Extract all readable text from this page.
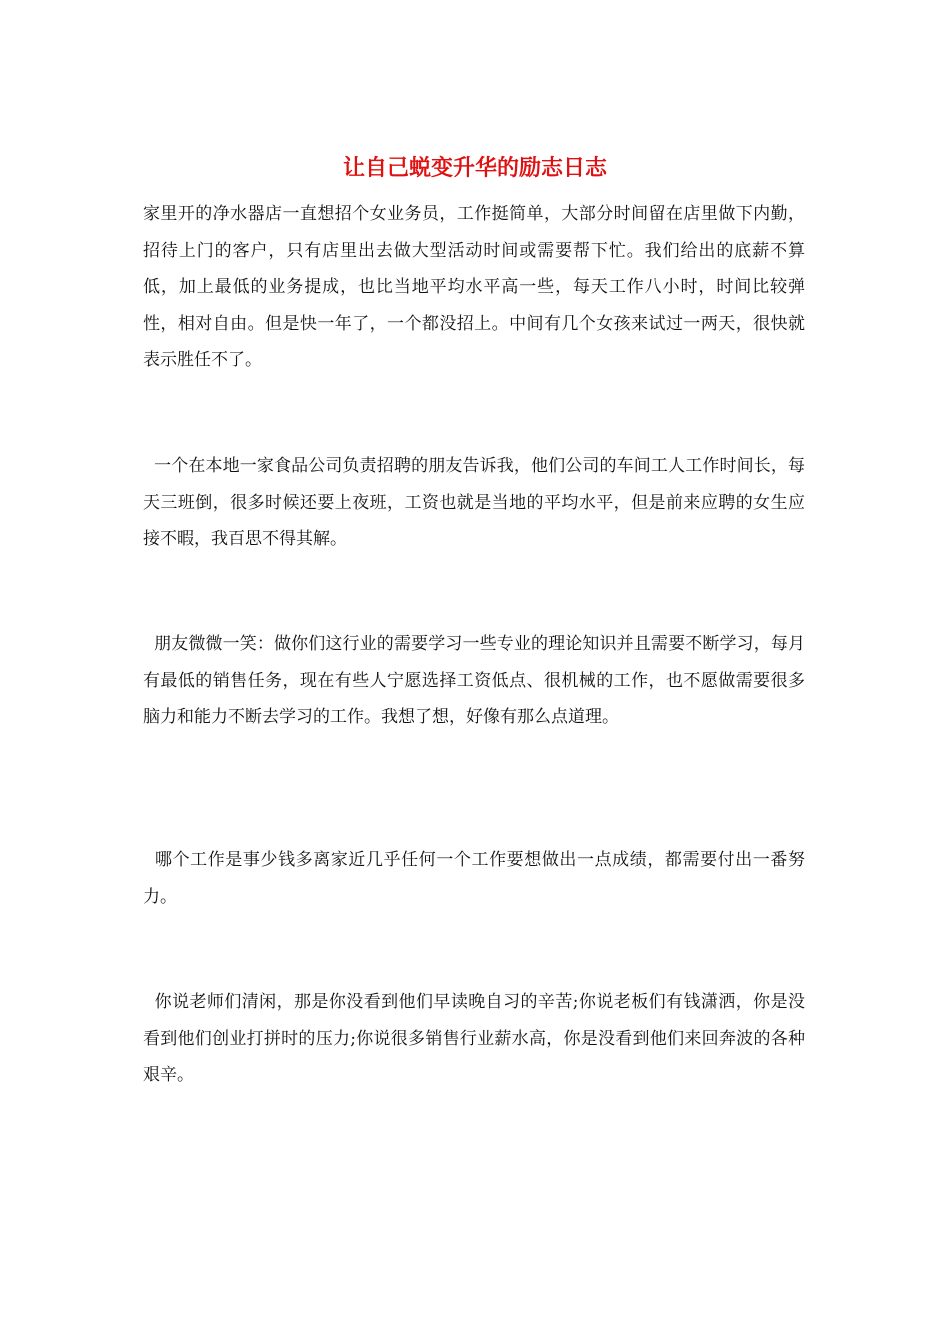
让自己蜕变升华的励志日志

家里开的净水器店一直想招个女业务员，工作挺简单，大部分时间留在店里做下内勤，招待上门的客户，只有店里出去做大型活动时间或需要帮下忙。我们给出的底薪不算低，加上最低的业务提成，也比当地平均水平高一些，每天工作八小时，时间比较弹性，相对自由。但是快一年了，一个都没招上。中间有几个女孩来试过一两天，很快就表示胜任不了。

一个在本地一家食品公司负责招聘的朋友告诉我，他们公司的车间工人工作时间长，每天三班倒，很多时候还要上夜班，工资也就是当地的平均水平，但是前来应聘的女生应接不暇，我百思不得其解。

朋友微微一笑：做你们这行业的需要学习一些专业的理论知识并且需要不断学习，每月有最低的销售任务，现在有些人宁愿选择工资低点、很机械的工作，也不愿做需要很多脑力和能力不断去学习的工作。我想了想，好像有那么点道理。

哪个工作是事少钱多离家近几乎任何一个工作要想做出一点成绩，都需要付出一番努力。

你说老师们清闲，那是你没看到他们早读晚自习的辛苦;你说老板们有钱潇洒，你是没看到他们创业打拼时的压力;你说很多销售行业薪水高，你是没看到他们来回奔波的各种艰辛。
